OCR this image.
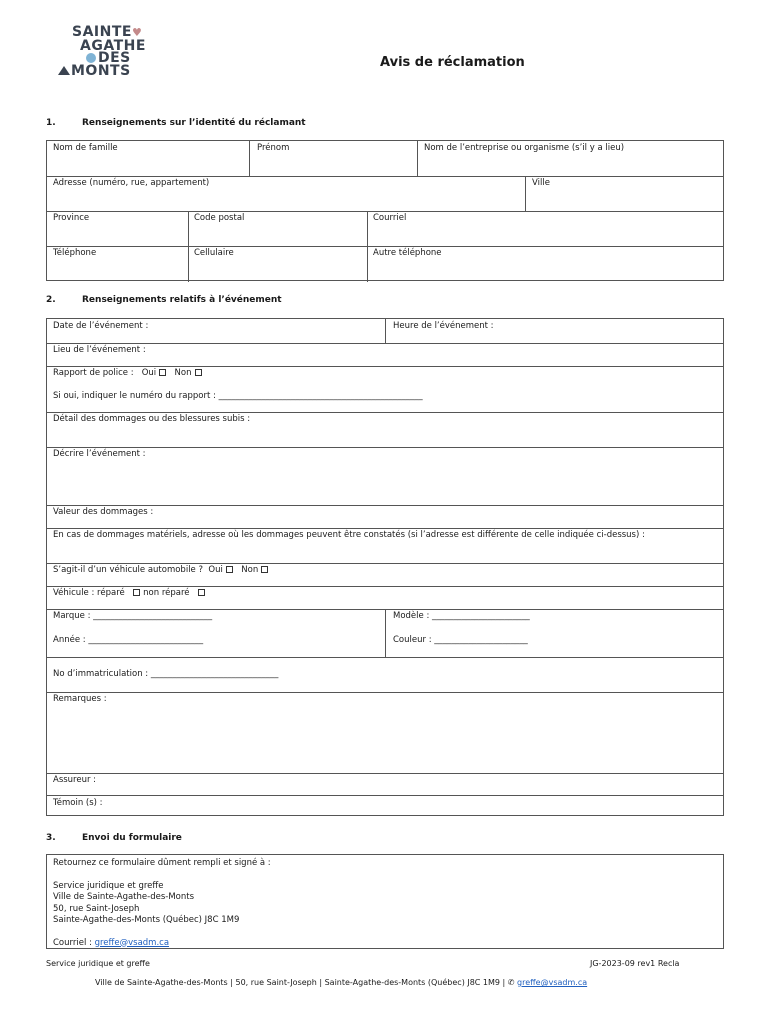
SAINTE♥
AGATHE
DES
MONTS	Avis de réclamation
1.	Renseignements sur l’identité du réclamant
Nom de famille	Prénom	Nom de l’entreprise ou organisme (s’il y a lieu)
Adresse (numéro, rue, appartement)	Ville
Province	Code postal	Courriel
Téléphone	Cellulaire	Autre téléphone
2.	Renseignements relatifs à l’événement
Date de l’événement :	Heure de l’événement :
Lieu de l’événement :
Rapport de police : Oui Non
Si oui, indiquer le numéro du rapport : ________________________________________________
Détail des dommages ou des blessures subis :
Décrire l’événement :
Valeur des dommages :
En cas de dommages matériels, adresse où les dommages peuvent être constatés (si l’adresse est différente de celle indiquée ci-dessus) :
S’agit-il d’un véhicule automobile ? Oui Non
Véhicule : réparé non réparé
Marque : ____________________________	Modèle : _______________________
Année : ___________________________	Couleur : ______________________
No d’immatriculation : ______________________________
Remarques :
Assureur :
Témoin (s) :
3.	Envoi du formulaire
Retournez ce formulaire dûment rempli et signé à :
Service juridique et greffe
Ville de Sainte-Agathe-des-Monts
50, rue Saint-Joseph
Sainte-Agathe-des-Monts (Québec) J8C 1M9
Courriel : greffe@vsadm.ca
Service juridique et greffe	JG-2023-09 rev1 Recla
Ville de Sainte-Agathe-des-Monts | 50, rue Saint-Joseph | Sainte-Agathe-des-Monts (Québec) J8C 1M9 | ✆ greffe@vsadm.ca
